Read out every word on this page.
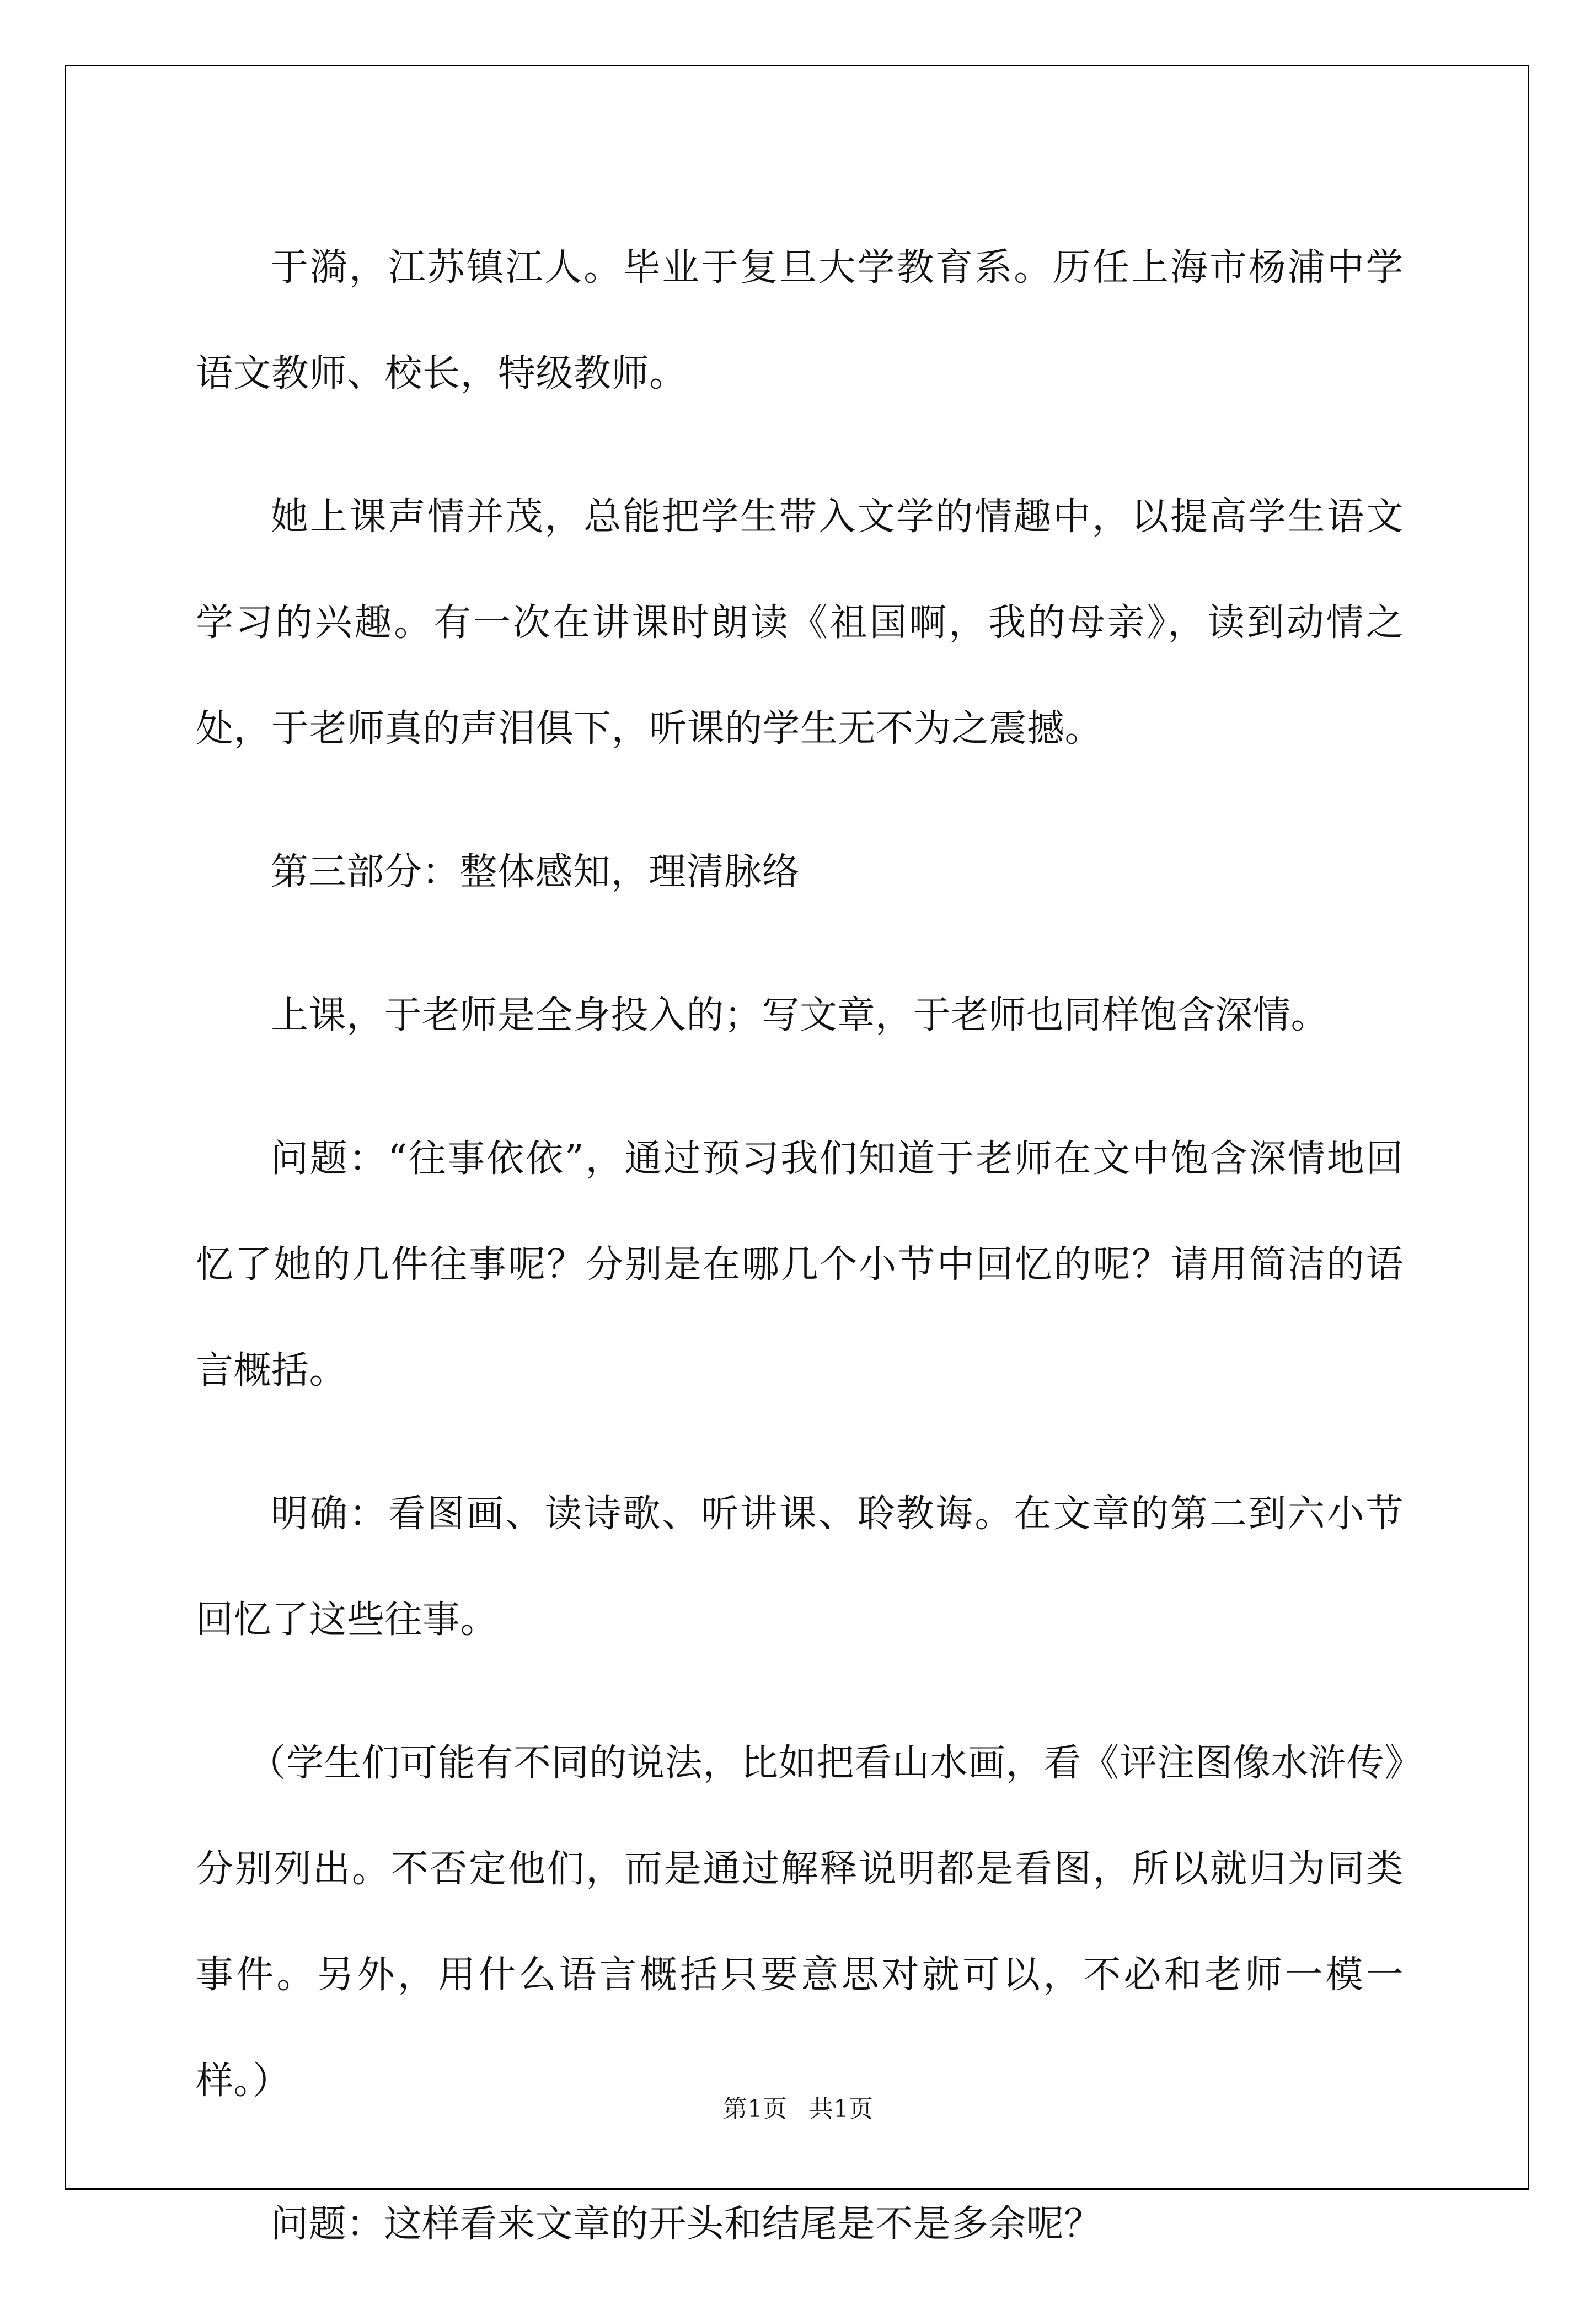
于漪，江苏镇江人。毕业于复旦大学教育系。历任上海市杨浦中学语文教师、校长，特级教师。

她上课声情并茂，总能把学生带入文学的情趣中，以提高学生语文学习的兴趣。有一次在讲课时朗读《祖国啊，我的母亲》，读到动情之处，于老师真的声泪俱下，听课的学生无不为之震撼。

第三部分：整体感知，理清脉络

上课，于老师是全身投入的；写文章，于老师也同样饱含深情。

问题：“往事依依”，通过预习我们知道于老师在文中饱含深情地回忆了她的几件往事呢？分别是在哪几个小节中回忆的呢？请用简洁的语言概括。

明确：看图画、读诗歌、听讲课、聆教诲。在文章的第二到六小节回忆了这些往事。

（学生们可能有不同的说法，比如把看山水画，看《评注图像水浒传》分别列出。不否定他们，而是通过解释说明都是看图，所以就归为同类事件。另外，用什么语言概括只要意思对就可以，不必和老师一模一样。）

问题：这样看来文章的开头和结尾是不是多余呢？

第1页 共1页
